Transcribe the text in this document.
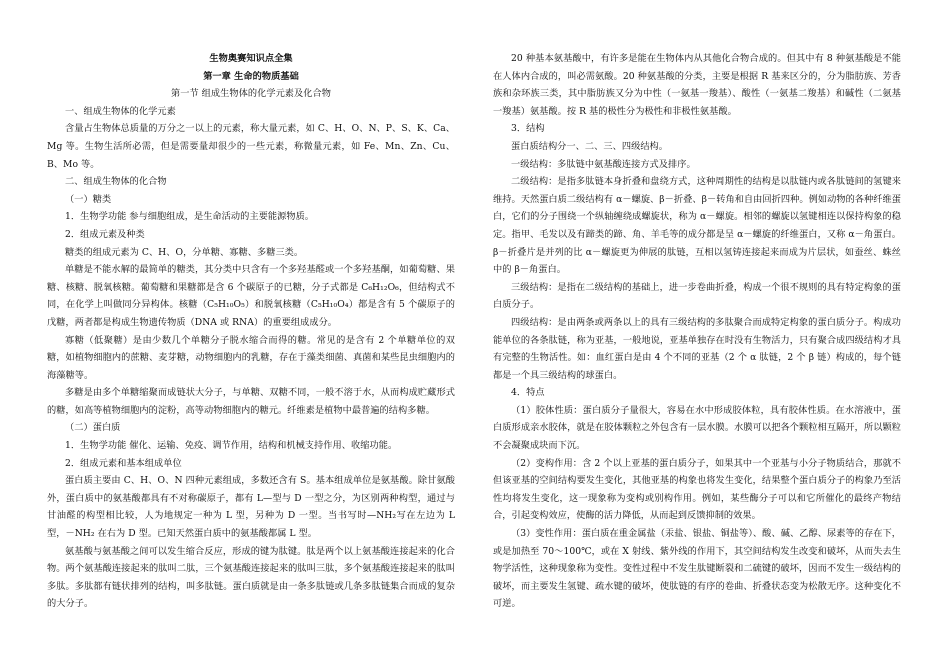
生物奥赛知识点全集

第一章 生命的物质基础

第一节 组成生物体的化学元素及化合物

一、组成生物体的化学元素

含量占生物体总质量的万分之一以上的元素，称大量元素，如 C、H、O、N、P、S、K、Ca、Mg 等。生物生活所必需，但是需要量却很少的一些元素，称微量元素，如 Fe、Mn、Zn、Cu、B、Mo 等。

二、组成生物体的化合物

（一）糖类

1．生物学功能 参与细胞组成，是生命活动的主要能源物质。

2．组成元素及种类

糖类的组成元素为 C、H、O，分单糖、寡糖、多糖三类。

单糖是不能水解的最简单的糖类，其分类中只含有一个多羟基醛或一个多羟基酮，如葡萄糖、果糖、核糖、脱氧核糖。葡萄糖和果糖都是含 6 个碳原子的已糖，分子式都是 C₆H₁₂O₆，但结构式不同，在化学上叫做同分异构体。核糖（C₅H₁₀O₅）和脱氧核糖（C₅H₁₀O₄）都是含有 5 个碳原子的戊糖，两者都是构成生物遗传物质（DNA 或 RNA）的重要组成成分。

寡糖（低聚糖）是由少数几个单糖分子脱水缩合而得的糖。常见的是含有 2 个单糖单位的双糖，如植物细胞内的蔗糖、麦芽糖，动物细胞内的乳糖，存在于藻类细菌、真菌和某些昆虫细胞内的海藻糖等。

多糖是由多个单糖缩聚而成链状大分子，与单糖、双糖不同，一般不溶于水，从而构成贮藏形式的糖，如高等植物细胞内的淀粉，高等动物细胞内的糖元。纤维素是植物中最普遍的结构多糖。

（二）蛋白质

1．生物学功能 催化、运输、免疫、调节作用，结构和机械支持作用、收缩功能。

2．组成元素和基本组成单位

蛋白质主要由 C、H、O、N 四种元素组成，多数还含有 S。基本组成单位是氨基酸。除甘氨酸外，蛋白质中的氨基酸都具有不对称碳原子，都有 L—型与 D 一型之分，为区别两种构型，通过与甘油醛的构型相比较，人为地规定一种为 L 型，另种为 D 一型。当书写时—NH₂写在左边为 L 型，－NH₂ 在右为 D 型。已知天然蛋白质中的氨基酸都属 L 型。

氨基酸与氨基酸之间可以发生缩合反应，形成的键为肽键。肽是两个以上氨基酸连接起来的化合物。两个氨基酸连接起来的肽叫二肽，三个氨基酸连接起来的肽叫三肽，多个氨基酸连接起来的肽叫多肽。多肽都有链状排列的结构，叫多肽链。蛋白质就是由一条多肽链或几条多肽链集合而成的复杂的大分子。

20 种基本氨基酸中，有许多是能在生物体内从其他化合物合成的。但其中有 8 种氨基酸是不能在人体内合成的，叫必需氨酸。20 种氨基酸的分类，主要是根据 R 基来区分的，分为脂肪族、芳香族和杂环族三类，其中脂肪族又分为中性（一氨基一羧基）、酸性（一氨基二羧基）和碱性（二氨基一羧基）氨基酸。按 R 基的极性分为极性和非极性氨基酸。

3．结构

蛋白质结构分一、二、三、四级结构。

一级结构：多肽链中氨基酸连接方式及排序。

二级结构：是指多肽链本身折叠和盘绕方式，这种周期性的结构是以肽链内或各肽链间的氢键来维持。天然蛋白质二级结构有 α－螺旋、β－折叠、β－转角和自由回折四种。例如动物的各种纤维蛋白，它们的分子围绕一个纵轴缠绕成螺旋状，称为 α－螺旋。相邻的螺旋以氢键相连以保持构象的稳定。指甲、毛发以及有蹄类的蹄、角、羊毛等的成分都是呈 α－螺旋的纤维蛋白，又称 α－角蛋白。β－折叠片是并列的比 α－螺旋更为伸展的肽链，互相以氢铸连接起来而成为片层状，如蚕丝、蛛丝中的 β－角蛋白。

三级结构：是指在二级结构的基础上，进一步卷曲折叠，构成一个很不规则的具有特定构象的蛋白质分子。

四级结构：是由两条或两条以上的具有三级结构的多肽聚合而成特定构象的蛋白质分子。构成功能单位的各条肽链，称为亚基，一般地说，亚基单独存在时没有生物活力，只有聚合成四级结构才具有完整的生物活性。如：血红蛋白是由 4 个不同的亚基（2 个 α 肽链，2 个 β 链）构成的，每个链都是一个具三级结构的球蛋白。

4．特点

（1）胶体性质：蛋白质分子量很大，容易在水中形成胶体粒，具有胶体性质。在水溶液中，蛋白质形成亲水胶体，就是在胶体颗粒之外包含有一层水膜。水膜可以把各个颗粒相互隔开，所以颗粒不会凝聚成块而下沉。

（2）变构作用：含 2 个以上亚基的蛋白质分子，如果其中一个亚基与小分子物质结合，那就不但该亚基的空间结构要发生变化，其他亚基的构象也将发生变化，结果整个蛋白质分子的构象乃至活性均将发生变化，这一现象称为变构或别构作用。例如，某些酶分子可以和它所催化的最终产物结合，引起变构效应，使酶的活力降低，从而起到反馈抑制的效果。

（3）变性作用：蛋白质在重金属盐（汞盐、银盐、铜盐等）、酸、碱、乙醇、尿素等的存在下，或是加热至 70～100℃，或在 X 射线、紫外线的作用下，其空间结构发生改变和破坏，从而失去生物学活性，这种现象称为变性。变性过程中不发生肽键断裂和二硫键的破坏，因而不发生一级结构的破坏，而主要发生氢键、疏水键的破坏，使肽链的有序的卷曲、折叠状态变为松散无序。这种变化不可逆。
